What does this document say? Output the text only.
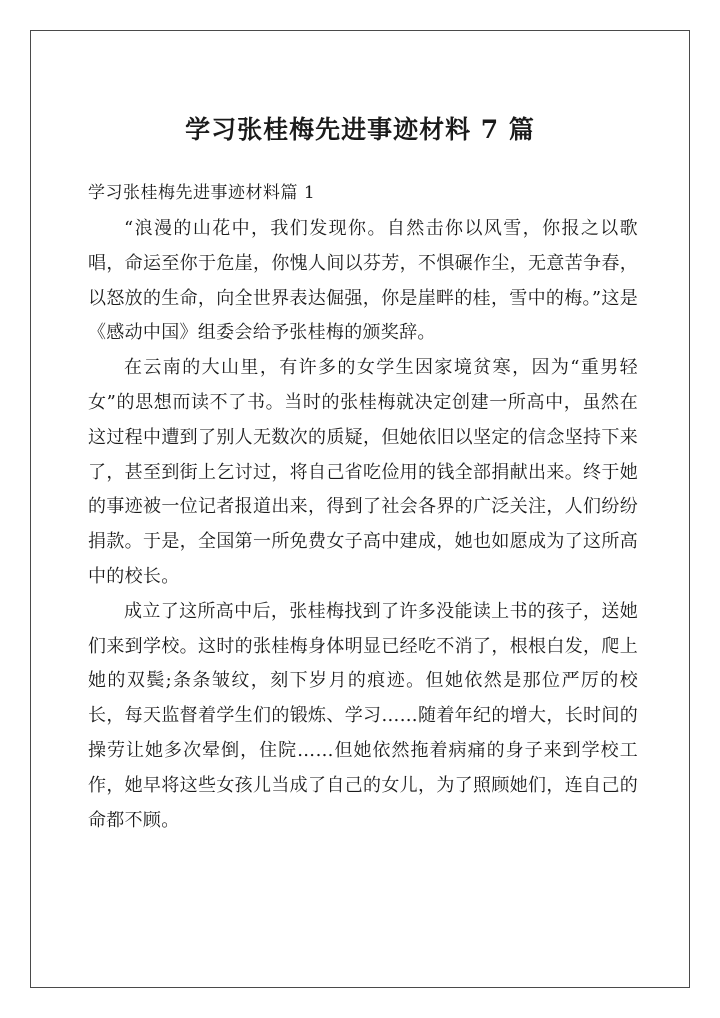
学习张桂梅先进事迹材料 7 篇

学习张桂梅先进事迹材料篇 1

“浪漫的山花中，我们发现你。自然击你以风雪，你报之以歌唱，命运至你于危崖，你愧人间以芬芳，不惧碾作尘，无意苦争春，以怒放的生命，向全世界表达倔强，你是崖畔的桂，雪中的梅。”这是《感动中国》组委会给予张桂梅的颁奖辞。

在云南的大山里，有许多的女学生因家境贫寒，因为“重男轻女”的思想而读不了书。当时的张桂梅就决定创建一所高中，虽然在这过程中遭到了别人无数次的质疑，但她依旧以坚定的信念坚持下来了，甚至到街上乞讨过，将自己省吃俭用的钱全部捐献出来。终于她的事迹被一位记者报道出来，得到了社会各界的广泛关注，人们纷纷捐款。于是，全国第一所免费女子高中建成，她也如愿成为了这所高中的校长。

成立了这所高中后，张桂梅找到了许多没能读上书的孩子，送她们来到学校。这时的张桂梅身体明显已经吃不消了，根根白发，爬上她的双鬓;条条皱纹，刻下岁月的痕迹。但她依然是那位严厉的校长，每天监督着学生们的锻炼、学习……随着年纪的增大，长时间的操劳让她多次晕倒，住院……但她依然拖着病痛的身子来到学校工作，她早将这些女孩儿当成了自己的女儿，为了照顾她们，连自己的命都不顾。
